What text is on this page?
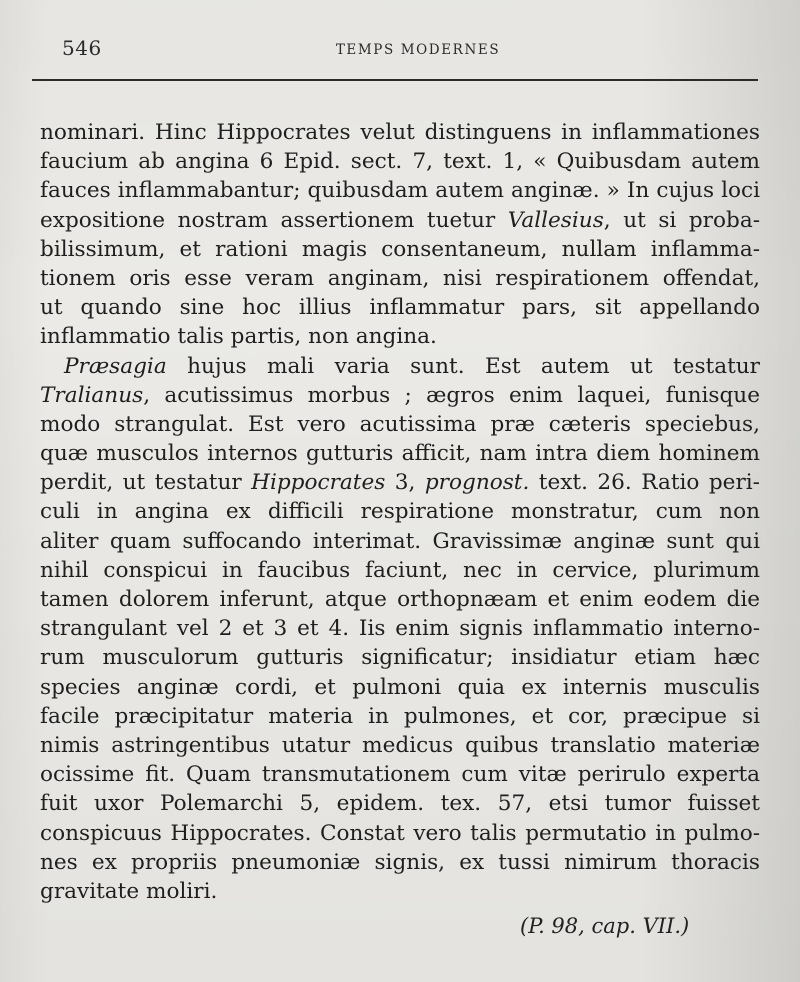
546	TEMPS MODERNES
nominari. Hinc Hippocrates velut distinguens in inflammationes
faucium ab angina 6 Epid. sect. 7, text. 1, « Quibusdam autem
fauces inflammabantur; quibusdam autem anginæ. » In cujus loci
expositione nostram assertionem tuetur Vallesius, ut si proba-
bilissimum, et rationi magis consentaneum, nullam inflamma-
tionem oris esse veram anginam, nisi respirationem offendat,
ut quando sine hoc illius inflammatur pars, sit appellando
inflammatio talis partis, non angina.
Præsagia hujus mali varia sunt. Est autem ut testatur
Tralianus, acutissimus morbus ; ægros enim laquei, funisque
modo strangulat. Est vero acutissima præ cæteris speciebus,
quæ musculos internos gutturis afficit, nam intra diem hominem
perdit, ut testatur Hippocrates 3, prognost. text. 26. Ratio peri-
culi in angina ex difficili respiratione monstratur, cum non
aliter quam suffocando interimat. Gravissimæ anginæ sunt qui
nihil conspicui in faucibus faciunt, nec in cervice, plurimum
tamen dolorem inferunt, atque orthopnæam et enim eodem die
strangulant vel 2 et 3 et 4. Iis enim signis inflammatio interno-
rum musculorum gutturis significatur; insidiatur etiam hæc
species anginæ cordi, et pulmoni quia ex internis musculis
facile præcipitatur materia in pulmones, et cor, præcipue si
nimis astringentibus utatur medicus quibus translatio materiæ
ocissime fit. Quam transmutationem cum vitæ perirulo experta
fuit uxor Polemarchi 5, epidem. tex. 57, etsi tumor fuisset
conspicuus Hippocrates. Constat vero talis permutatio in pulmo-
nes ex propriis pneumoniæ signis, ex tussi nimirum thoracis
gravitate moliri.
(P. 98, cap. VII.)
